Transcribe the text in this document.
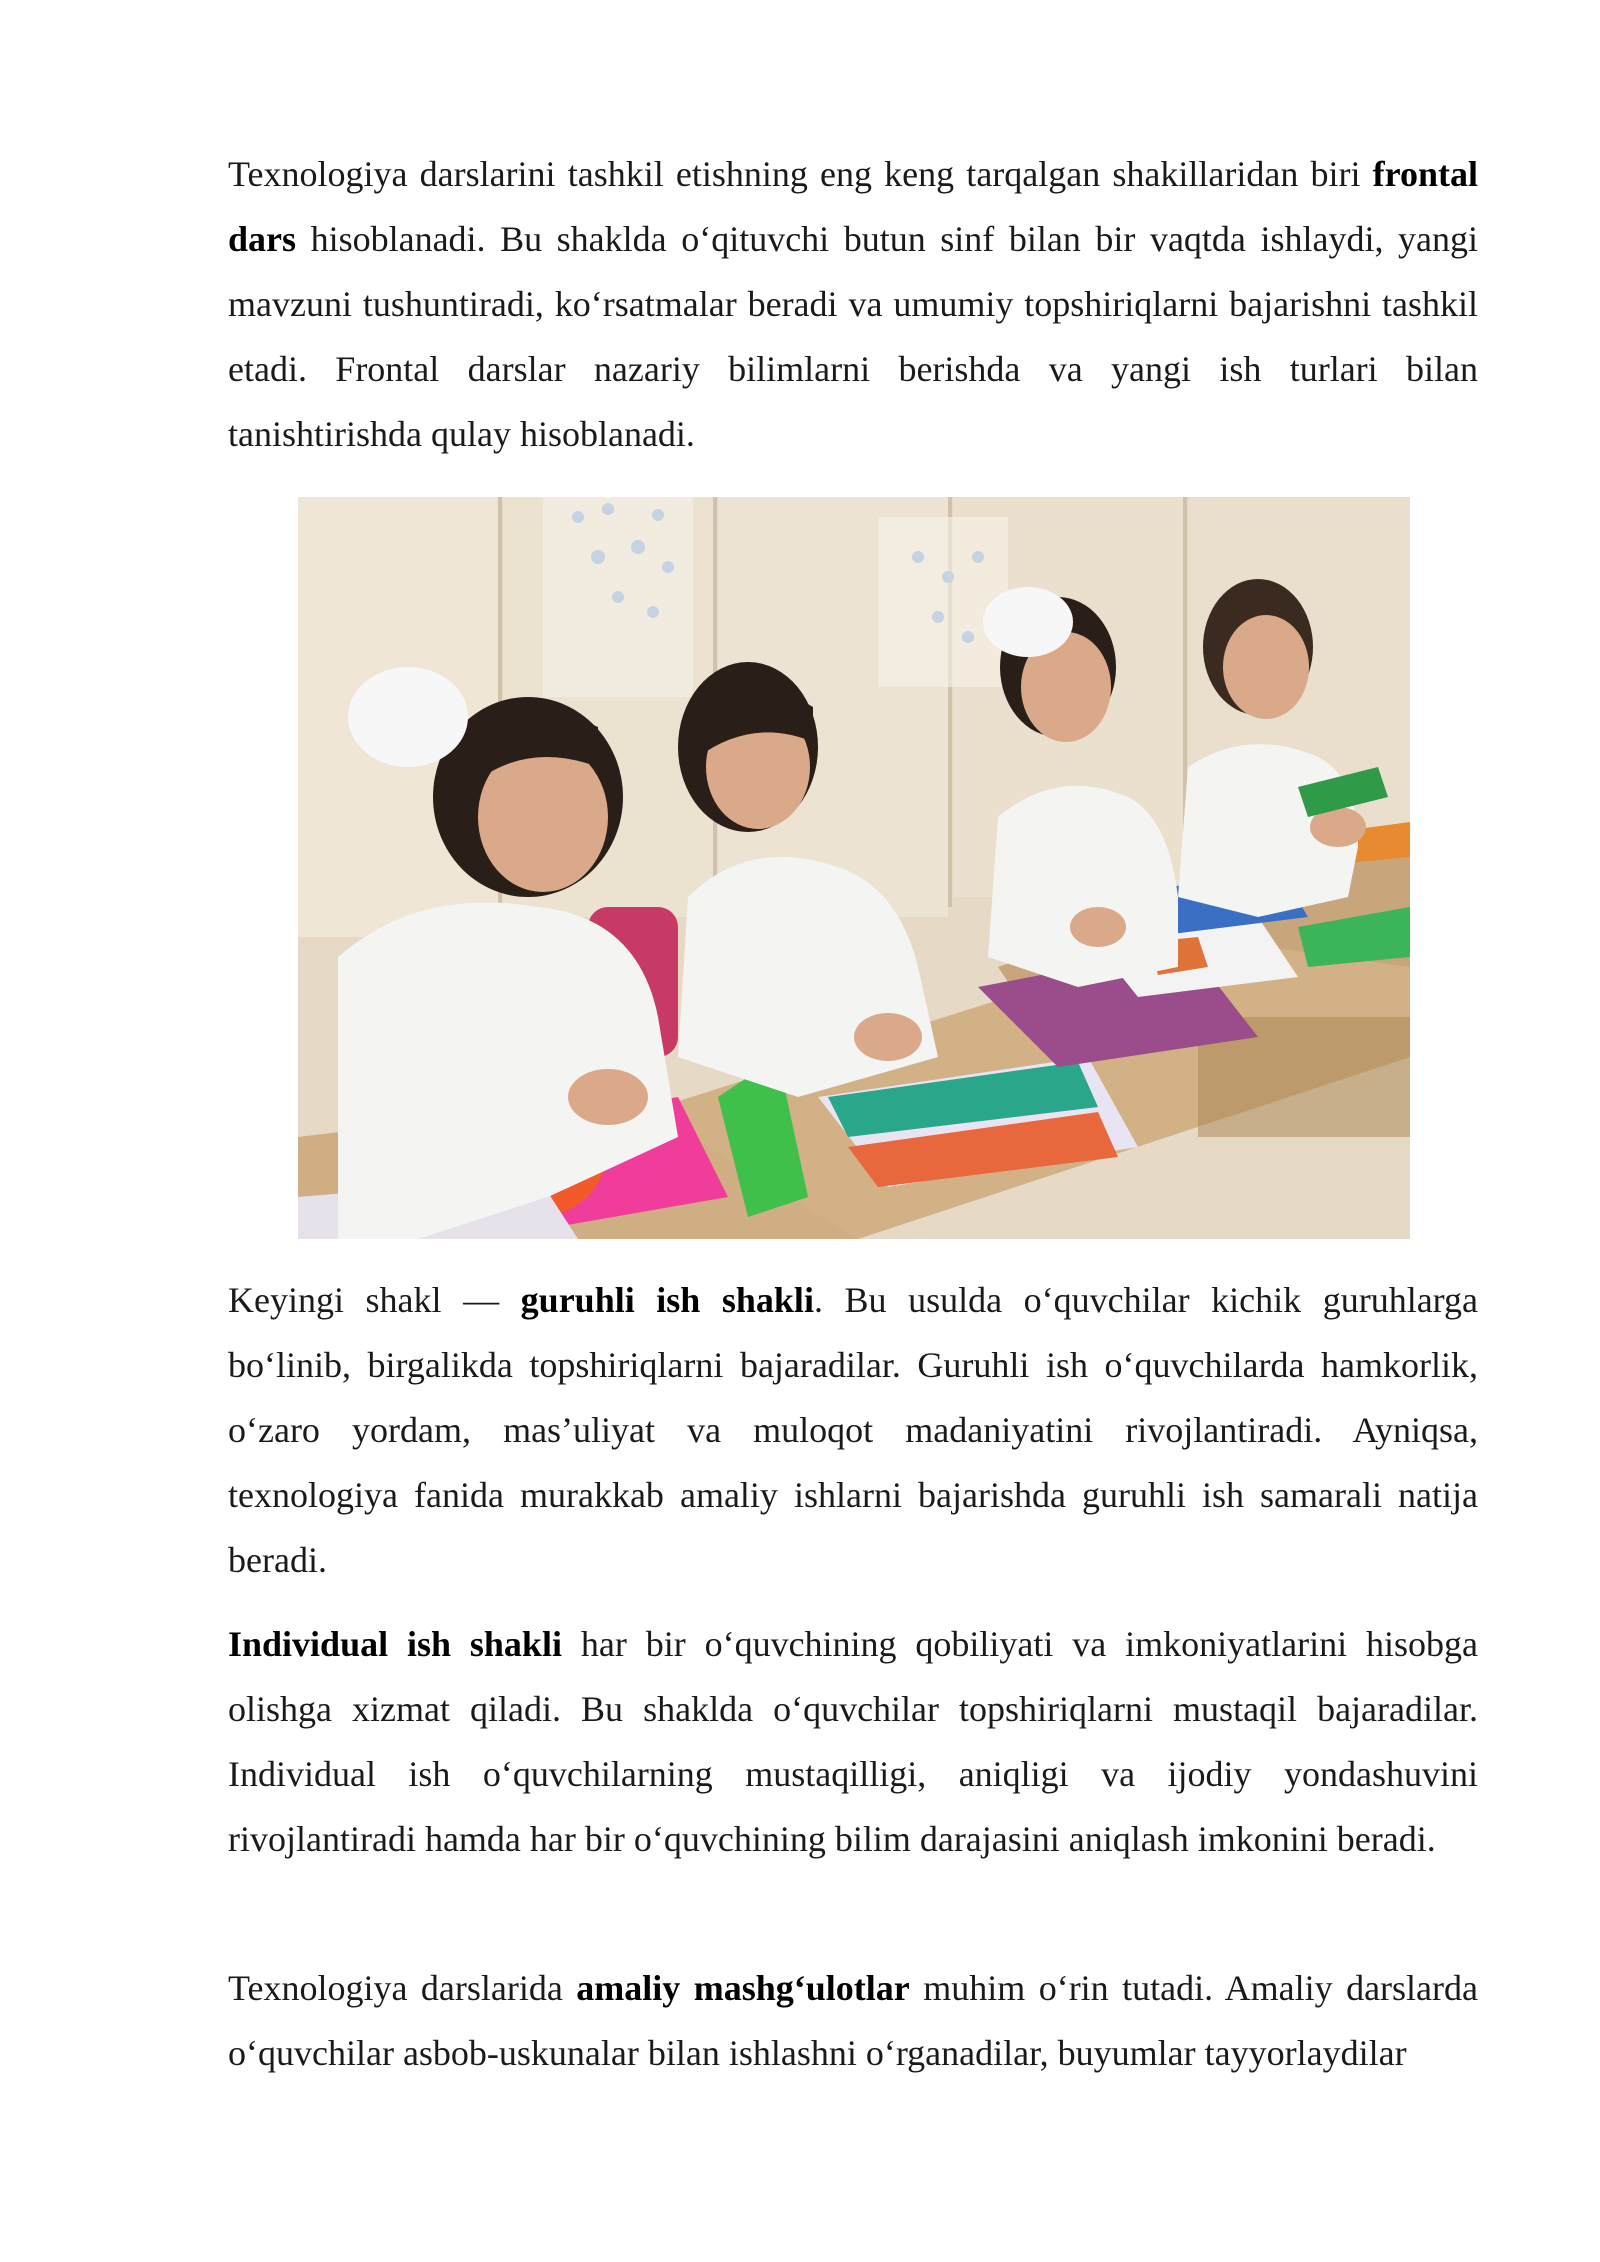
Texnologiya darslarini tashkil etishning eng keng tarqalgan shakillaridan biri frontal dars hisoblanadi. Bu shaklda o‘qituvchi butun sinf bilan bir vaqtda ishlaydi, yangi mavzuni tushuntiradi, ko‘rsatmalar beradi va umumiy topshiriqlarni bajarishni tashkil etadi. Frontal darslar nazariy bilimlarni berishda va yangi ish turlari bilan tanishtirishda qulay hisoblanadi.

Keyingi shakl — guruhli ish shakli. Bu usulda o‘quvchilar kichik guruhlarga bo‘linib, birgalikda topshiriqlarni bajaradilar. Guruhli ish o‘quvchilarda hamkorlik, o‘zaro yordam, mas’uliyat va muloqot madaniyatini rivojlantiradi. Ayniqsa, texnologiya fanida murakkab amaliy ishlarni bajarishda guruhli ish samarali natija beradi.

Individual ish shakli har bir o‘quvchining qobiliyati va imkoniyatlarini hisobga olishga xizmat qiladi. Bu shaklda o‘quvchilar topshiriqlarni mustaqil bajaradilar. Individual ish o‘quvchilarning mustaqilligi, aniqligi va ijodiy yondashuvini rivojlantiradi hamda har bir o‘quvchining bilim darajasini aniqlash imkonini beradi.

Texnologiya darslarida amaliy mashg‘ulotlar muhim o‘rin tutadi. Amaliy darslarda o‘quvchilar asbob-uskunalar bilan ishlashni o‘rganadilar, buyumlar tayyorlaydilar
